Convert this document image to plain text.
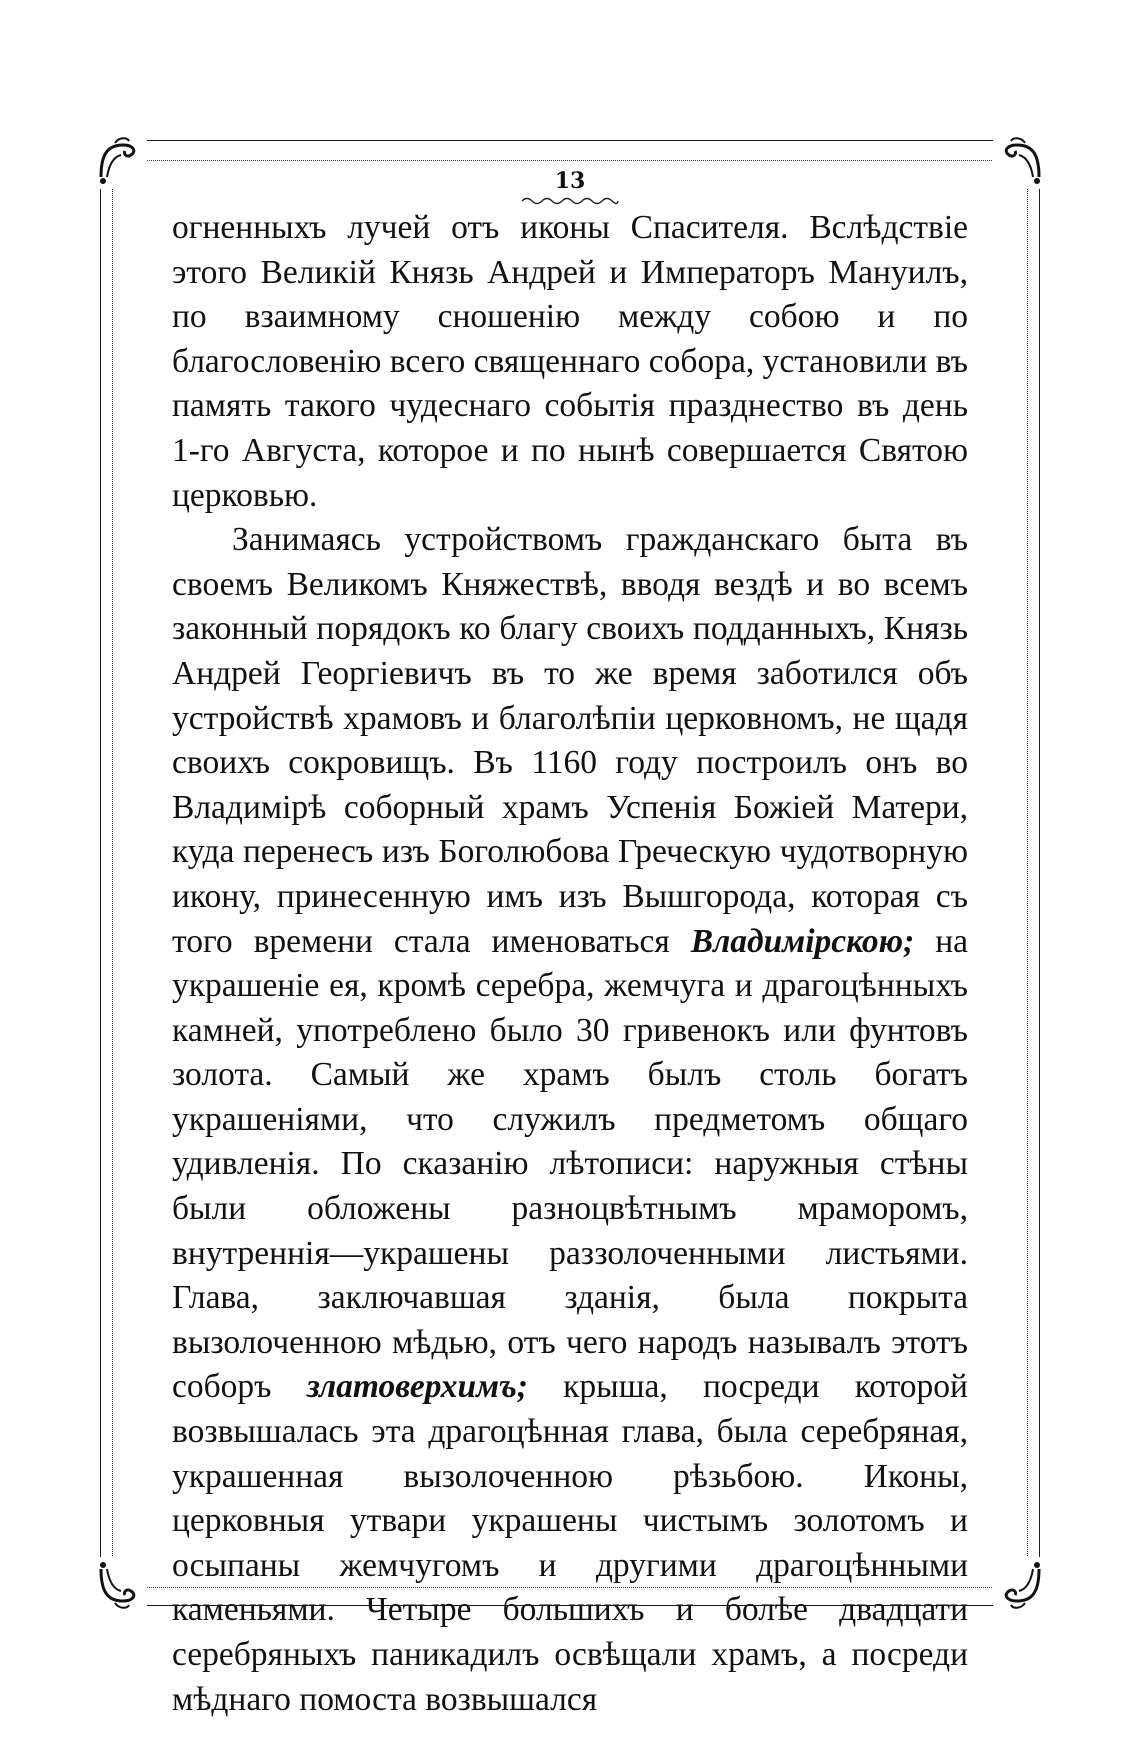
13

огненныхъ лучей отъ иконы Спасителя. Вслѣдствіе этого Великій Князь Андрей и Императоръ Мануилъ, по взаимному сношенію между собою и по благословенію всего священнаго собора, установили въ память такого чудеснаго событія празднество въ день 1-го Августа, которое и по нынѣ совершается Святою церковью.

Занимаясь устройствомъ гражданскаго быта въ своемъ Великомъ Княжествѣ, вводя вездѣ и во всемъ законный порядокъ ко благу своихъ подданныхъ, Князь Андрей Георгіевичъ въ то же время заботился объ устройствѣ храмовъ и благолѣпіи церковномъ, не щадя своихъ сокровищъ. Въ 1160 году построилъ онъ во Владимірѣ соборный храмъ Успенія Божіей Матери, куда перенесъ изъ Боголюбова Греческую чудотворную икону, принесенную имъ изъ Вышгорода, которая съ того времени стала именоваться Владимірскою; на украшеніе ея, кромѣ серебра, жемчуга и драгоцѣнныхъ камней, употреблено было 30 гривенокъ или фунтовъ золота. Самый же храмъ былъ столь богатъ украшеніями, что служилъ предметомъ общаго удивленія. По сказанію лѣтописи: наружныя стѣны были обложены разноцвѣтнымъ мраморомъ, внутреннія—украшены раззолоченными листьями. Глава, заключавшая зданія, была покрыта вызолоченною мѣдью, отъ чего народъ называлъ этотъ соборъ златоверхимъ; крыша, посреди которой возвышалась эта драгоцѣнная глава, была серебряная, украшенная вызолоченною рѣзьбою. Иконы, церковныя утвари украшены чистымъ золотомъ и осыпаны жемчугомъ и другими драгоцѣнными каменьями. Четыре большихъ и болѣе двадцати серебряныхъ паникадилъ освѣщали храмъ, а посреди мѣднаго помоста возвышался
